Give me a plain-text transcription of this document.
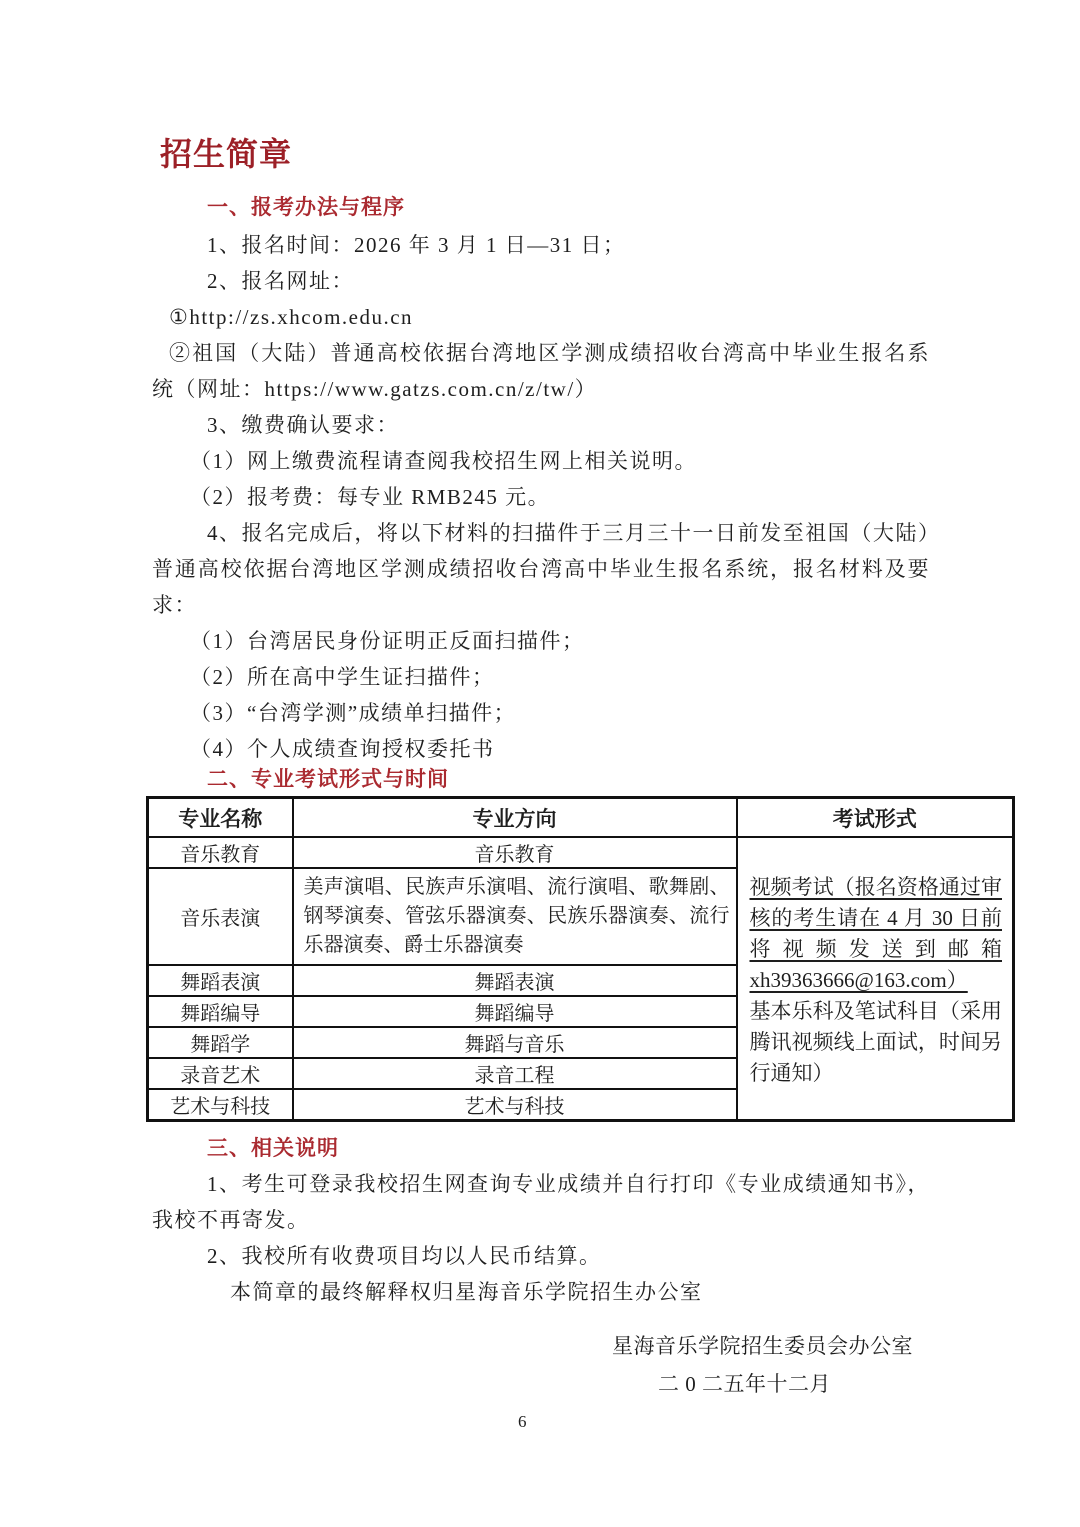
招生简章
一、报考办法与程序

1、报名时间：2026 年 3 月 1 日—31 日；

2、报名网址：

①http://zs.xhcom.edu.cn

②祖国（大陆）普通高校依据台湾地区学测成绩招收台湾高中毕业生报名系统（网址：https://www.gatzs.com.cn/z/tw/）

3、缴费确认要求：

（1）网上缴费流程请查阅我校招生网上相关说明。

（2）报考费：每专业 RMB245 元。

4、报名完成后，将以下材料的扫描件于三月三十一日前发至祖国（大陆）普通高校依据台湾地区学测成绩招收台湾高中毕业生报名系统，报名材料及要求：

（1）台湾居民身份证明正反面扫描件；

（2）所在高中学生证扫描件；

（3）“台湾学测”成绩单扫描件；

（4）个人成绩查询授权委托书

二、专业考试形式与时间
专业名称	专业方向	考试形式
音乐教育	音乐教育	视频考试（报名资格通过审核的考生请在 4 月 30 日前将视频发送到邮箱 xh39363666@163.com）
基本乐科及笔试科目（采用腾讯视频线上面试，时间另行通知）

音乐表演	美声演唱、民族声乐演唱、流行演唱、歌舞剧、钢琴演奏、管弦乐器演奏、民族乐器演奏、流行乐器演奏、爵士乐器演奏	
舞蹈表演	舞蹈表演	
舞蹈编导	舞蹈编导	
舞蹈学	舞蹈与音乐	
录音艺术	录音工程	
艺术与科技	艺术与科技	
三、相关说明

1、考生可登录我校招生网查询专业成绩并自行打印《专业成绩通知书》，我校不再寄发。

2、我校所有收费项目均以人民币结算。

本简章的最终解释权归星海音乐学院招生办公室

星海音乐学院招生委员会办公室
二 0 二五年十二月
6
